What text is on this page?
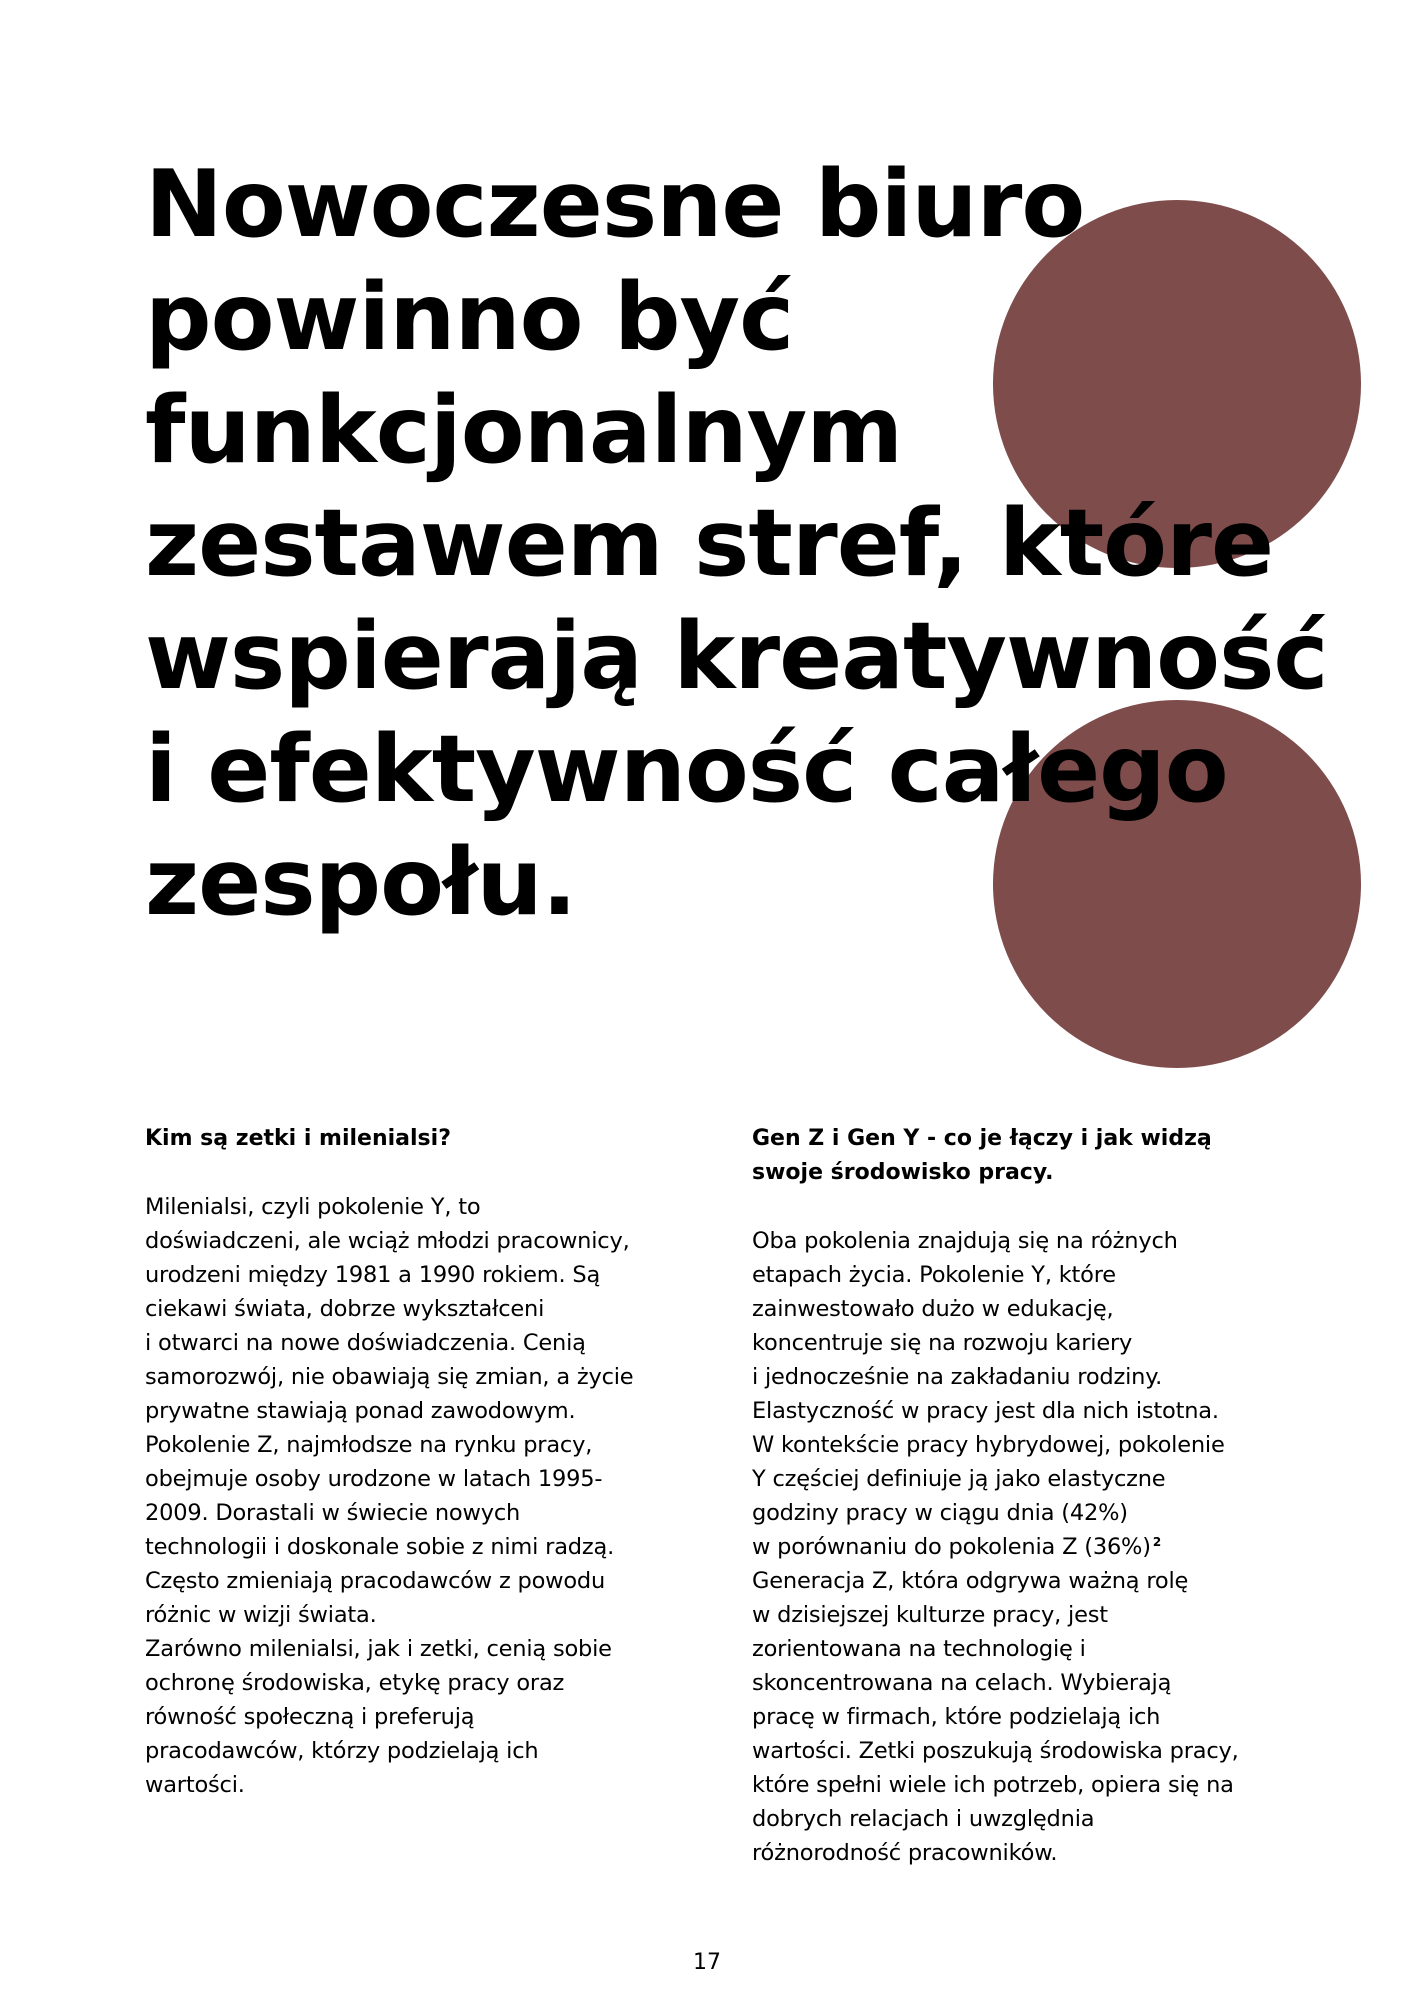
Nowoczesne biuro
powinno być
funkcjonalnym
zestawem stref, które
wspierają kreatywność
i efektywność całego
zespołu.
Kim są zetki i milenialsi?
Milenialsi, czyli pokolenie Y, to
doświadczeni, ale wciąż młodzi pracownicy,
urodzeni między 1981 a 1990 rokiem. Są
ciekawi świata, dobrze wykształceni
i otwarci na nowe doświadczenia. Cenią
samorozwój, nie obawiają się zmian, a życie
prywatne stawiają ponad zawodowym.
Pokolenie Z, najmłodsze na rynku pracy,
obejmuje osoby urodzone w latach 1995-
2009. Dorastali w świecie nowych
technologii i doskonale sobie z nimi radzą.
Często zmieniają pracodawców z powodu
różnic w wizji świata.
Zarówno milenialsi, jak i zetki, cenią sobie
ochronę środowiska, etykę pracy oraz
równość społeczną i preferują
pracodawców, którzy podzielają ich
wartości.
Gen Z i Gen Y - co je łączy i jak widzą
swoje środowisko pracy.
Oba pokolenia znajdują się na różnych
etapach życia. Pokolenie Y, które
zainwestowało dużo w edukację,
koncentruje się na rozwoju kariery
i jednocześnie na zakładaniu rodziny.
Elastyczność w pracy jest dla nich istotna.
W kontekście pracy hybrydowej, pokolenie
Y częściej definiuje ją jako elastyczne
godziny pracy w ciągu dnia (42%)
w porównaniu do pokolenia Z (36%) $^2$
Generacja Z, która odgrywa ważną rolę
w dzisiejszej kulturze pracy, jest
zorientowana na technologię i
skoncentrowana na celach. Wybierają
pracę w firmach, które podzielają ich
wartości. Zetki poszukują środowiska pracy,
które spełni wiele ich potrzeb, opiera się na
dobrych relacjach i uwzględnia
różnorodność pracowników.
17
